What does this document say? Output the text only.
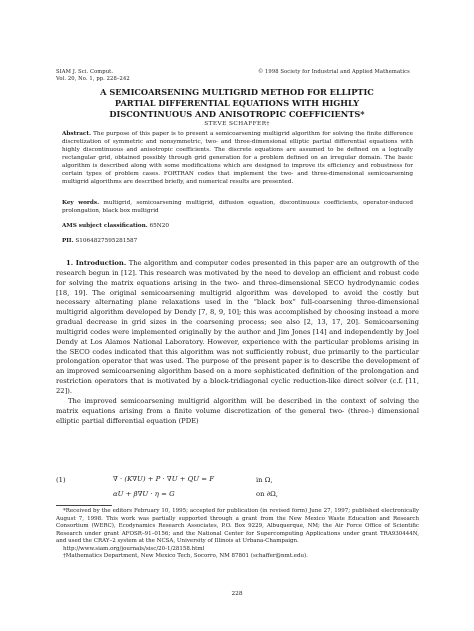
SIAM J. Sci. Comput.
Vol. 20, No. 1, pp. 228–242
© 1998 Society for Industrial and Applied Mathematics
A SEMICOARSENING MULTIGRID METHOD FOR ELLIPTIC
PARTIAL DIFFERENTIAL EQUATIONS WITH HIGHLY
DISCONTINUOUS AND ANISOTROPIC COEFFICIENTS*
STEVE SCHAFFER†
Abstract. The purpose of this paper is to present a semicoarsening multigrid algorithm for solving the finite difference discretization of symmetric and nonsymmetric, two- and three-dimensional elliptic partial differential equations with highly discontinuous and anisotropic coefficients. The discrete equations are assumed to be defined on a logically rectangular grid, obtained possibly through grid generation for a problem defined on an irregular domain. The basic algorithm is described along with some modifications which are designed to improve its efficiency and robustness for certain types of problem cases. FORTRAN codes that implement the two- and three-dimensional semicoarsening multigrid algorithms are described briefly, and numerical results are presented.
Key words. multigrid, semicoarsening multigrid, diffusion equation, discontinuous coefficients, operator-induced prolongation, black box multigrid
AMS subject classification. 65N20
PII. S1064827595281587

1. Introduction. The algorithm and computer codes presented in this paper are an outgrowth of the research begun in [12]. This research was motivated by the need to develop an efficient and robust code for solving the matrix equations arising in the two- and three-dimensional SECO hydrodynamic codes [18, 19]. The original semicoarsening multigrid algorithm was developed to avoid the costly but necessary alternating plane relaxations used in the “black box” full-coarsening three-dimensional multigrid algorithm developed by Dendy [7, 8, 9, 10]; this was accomplished by choosing instead a more gradual decrease in grid sizes in the coarsening process; see also [2, 13, 17, 20]. Semicoarsening multigrid codes were implemented originally by the author and Jim Jones [14] and independently by Joel Dendy at Los Alamos National Laboratory. However, experience with the particular problems arising in the SECO codes indicated that this algorithm was not sufficiently robust, due primarily to the particular prolongation operator that was used. The purpose of the present paper is to describe the development of an improved semicoarsening algorithm based on a more sophisticated definition of the prolongation and restriction operators that is motivated by a block-tridiagonal cyclic reduction-like direct solver (c.f. [11, 22]).

The improved semicoarsening multigrid algorithm will be described in the context of solving the matrix equations arising from a finite volume discretization of the general two- (three-) dimensional elliptic partial differential equation (PDE)

(1)	∇ · (K∇U) + P · ∇U + QU = F	in Ω,
αU + β∇U · η = G	on ∂Ω,

*Received by the editors February 10, 1995; accepted for publication (in revised form) June 27, 1997; published electronically August 7, 1998. This work was partially supported through a grant from the New Mexico Waste Education and Research Consortium (WERC), Ecodynamics Research Associates, P.O. Box 9229, Albuquerque, NM; the Air Force Office of Scientific Research under grant AFOSR–91–0156; and the National Center for Supercomputing Applications under grant TRA930444N, and used the CRAY–2 system at the NCSA, University of Illinois at Urbana-Champaign.

http://www.siam.org/journals/sisc/20-1/28158.html

†Mathematics Department, New Mexico Tech, Socorro, NM 87801 (schaffer@nmt.edu).

228
